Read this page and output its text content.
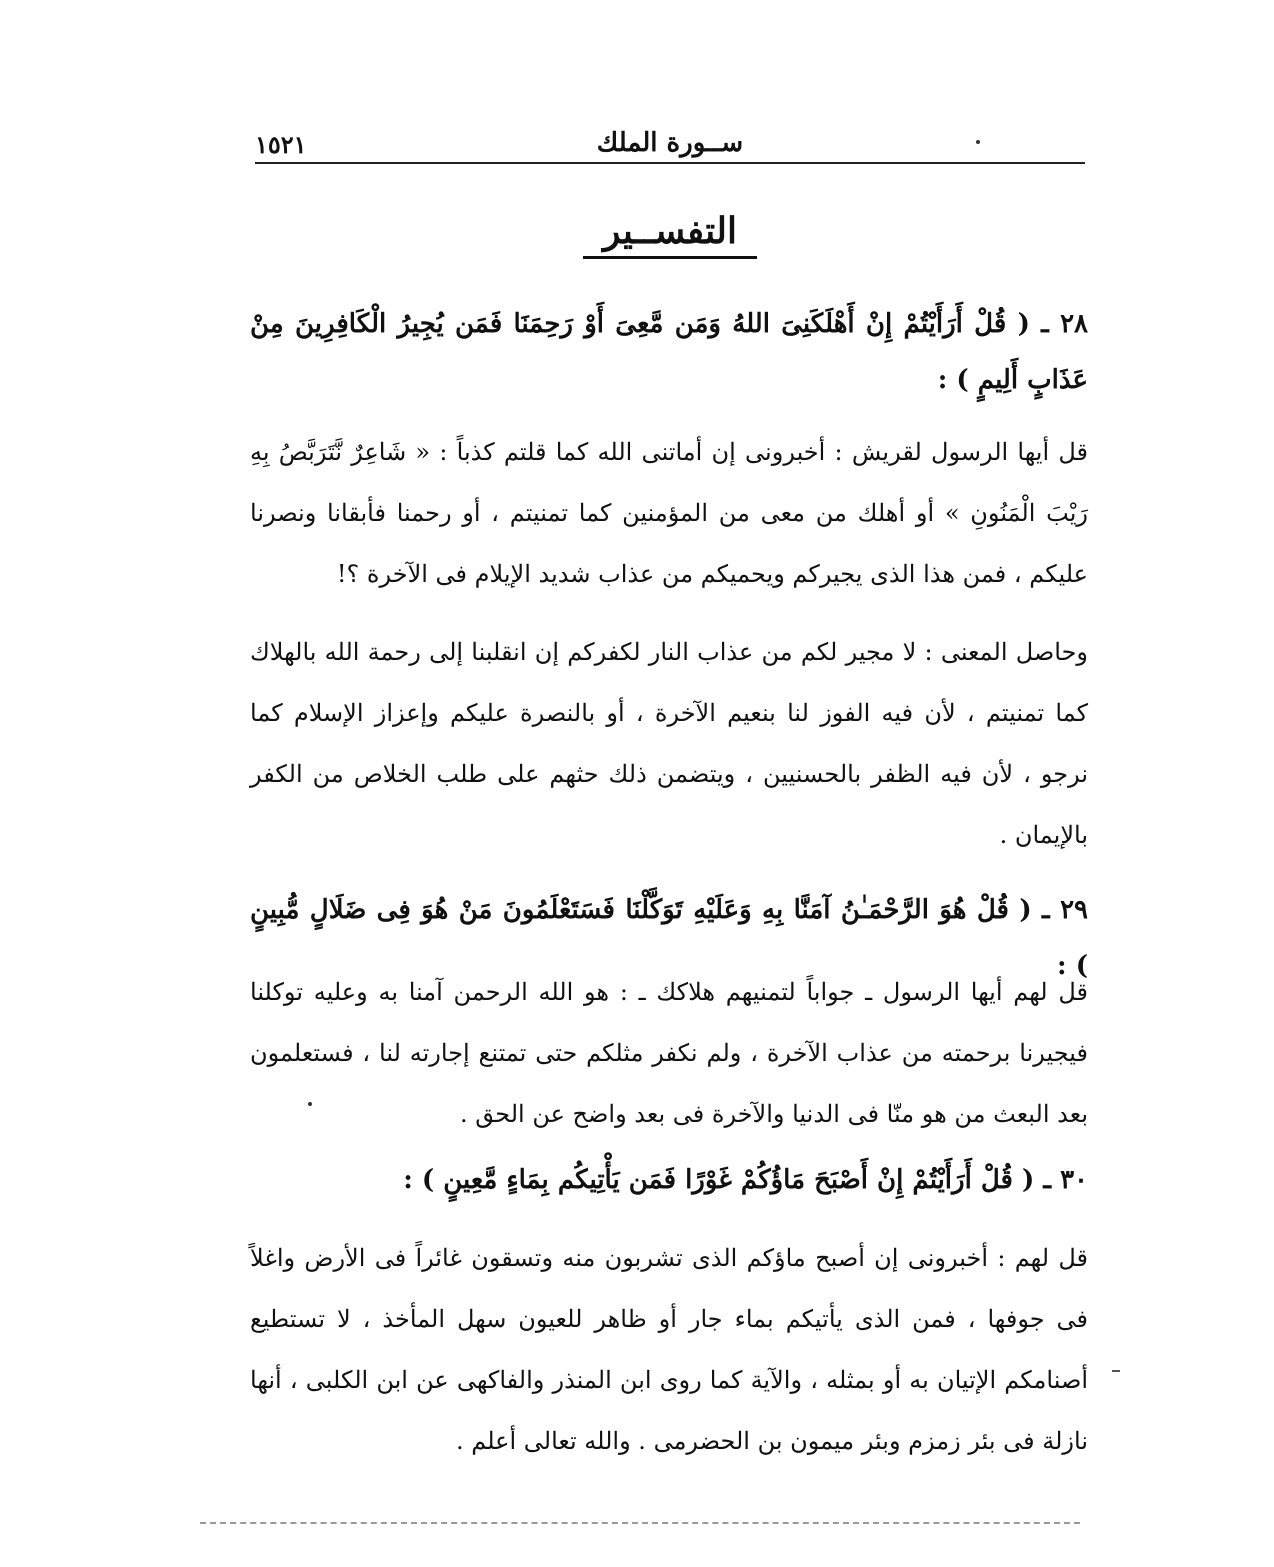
ســورة الملك
١٥٢١
التفســير
٢٨ ـ ( قُلْ أَرَأَيْتُمْ إِنْ أَهْلَكَنِىَ اللهُ وَمَن مَّعِىَ أَوْ رَحِمَنَا فَمَن يُجِيرُ الْكَافِرِينَ مِنْ عَذَابٍ أَلِيمٍ ) :
قل أيها الرسول لقريش : أخبرونى إن أماتنى الله كما قلتم كذباً : « شَاعِرٌ نَّتَرَبَّصُ بِهِ رَيْبَ الْمَنُونِ » أو أهلك من معى من المؤمنين كما تمنيتم ، أو رحمنا فأبقانا ونصرنا عليكم ، فمن هذا الذى يجيركم ويحميكم من عذاب شديد الإيلام فى الآخرة ؟!
وحاصل المعنى : لا مجير لكم من عذاب النار لكفركم إن انقلبنا إلى رحمة الله بالهلاك كما تمنيتم ، لأن فيه الفوز لنا بنعيم الآخرة ، أو بالنصرة عليكم وإعزاز الإسلام كما نرجو ، لأن فيه الظفر بالحسنيين ، ويتضمن ذلك حثهم على طلب الخلاص من الكفر بالإيمان .
٢٩ ـ ( قُلْ هُوَ الرَّحْمَـٰنُ آمَنَّا بِهِ وَعَلَيْهِ تَوَكَّلْنَا فَسَتَعْلَمُونَ مَنْ هُوَ فِى ضَلَالٍ مُّبِينٍ ) :
قل لهم أيها الرسول ـ جواباً لتمنيهم هلاكك ـ : هو الله الرحمن آمنا به وعليه توكلنا فيجيرنا برحمته من عذاب الآخرة ، ولم نكفر مثلكم حتى تمتنع إجارته لنا ، فستعلمون بعد البعث من هو منّا فى الدنيا والآخرة فى بعد واضح عن الحق .
٣٠ ـ ( قُلْ أَرَأَيْتُمْ إِنْ أَصْبَحَ مَاؤُكُمْ غَوْرًا فَمَن يَأْتِيكُم بِمَاءٍ مَّعِينٍ ) :
قل لهم : أخبرونى إن أصبح ماؤكم الذى تشربون منه وتسقون غائراً فى الأرض واغلاً فى جوفها ، فمن الذى يأتيكم بماء جار أو ظاهر للعيون سهل المأخذ ، لا تستطيع أصنامكم الإتيان به أو بمثله ، والآية كما روى ابن المنذر والفاكهى عن ابن الكلبى ، أنها نازلة فى بئر زمزم وبئر ميمون بن الحضرمى . والله تعالى أعلم .
